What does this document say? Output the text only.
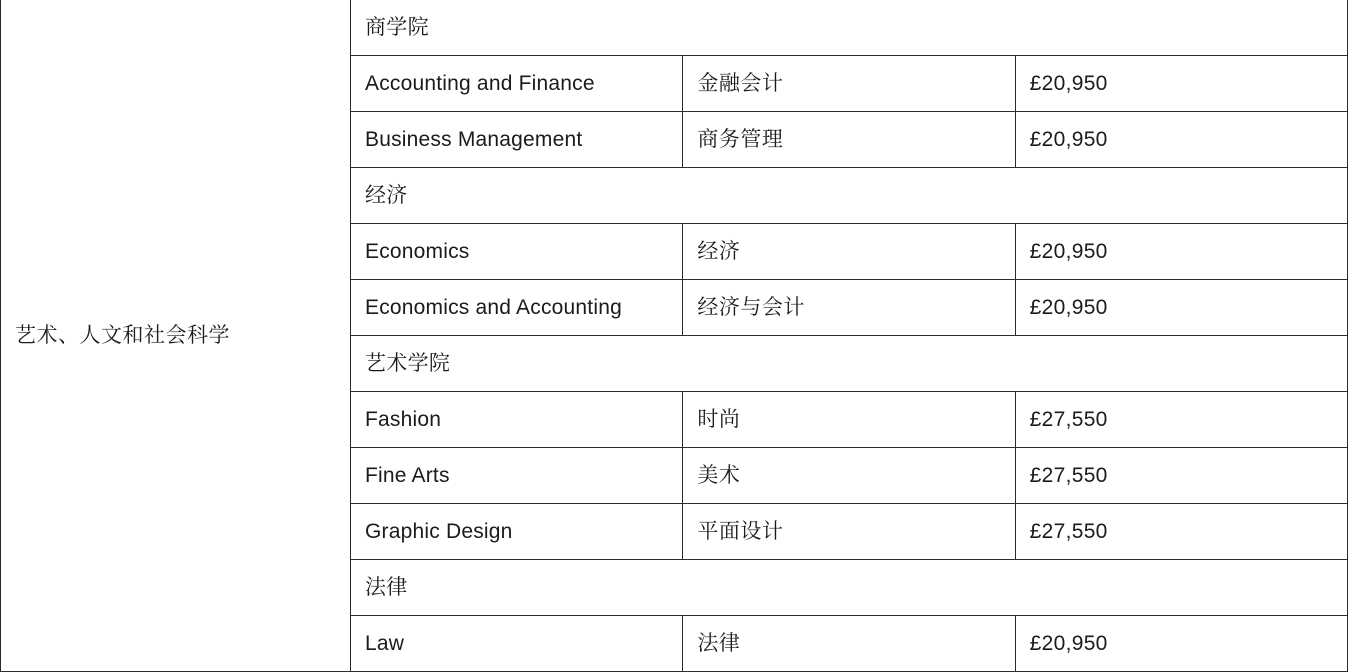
艺术、人文和社会科学	商学院		
	Accounting and Finance	金融会计	£20,950
	Business Management	商务管理	£20,950
	经济		
	Economics	经济	£20,950
	Economics and Accounting	经济与会计	£20,950
	艺术学院		
	Fashion	时尚	£27,550
	Fine Arts	美术	£27,550
	Graphic Design	平面设计	£27,550
	法律		
	Law	法律	£20,950
